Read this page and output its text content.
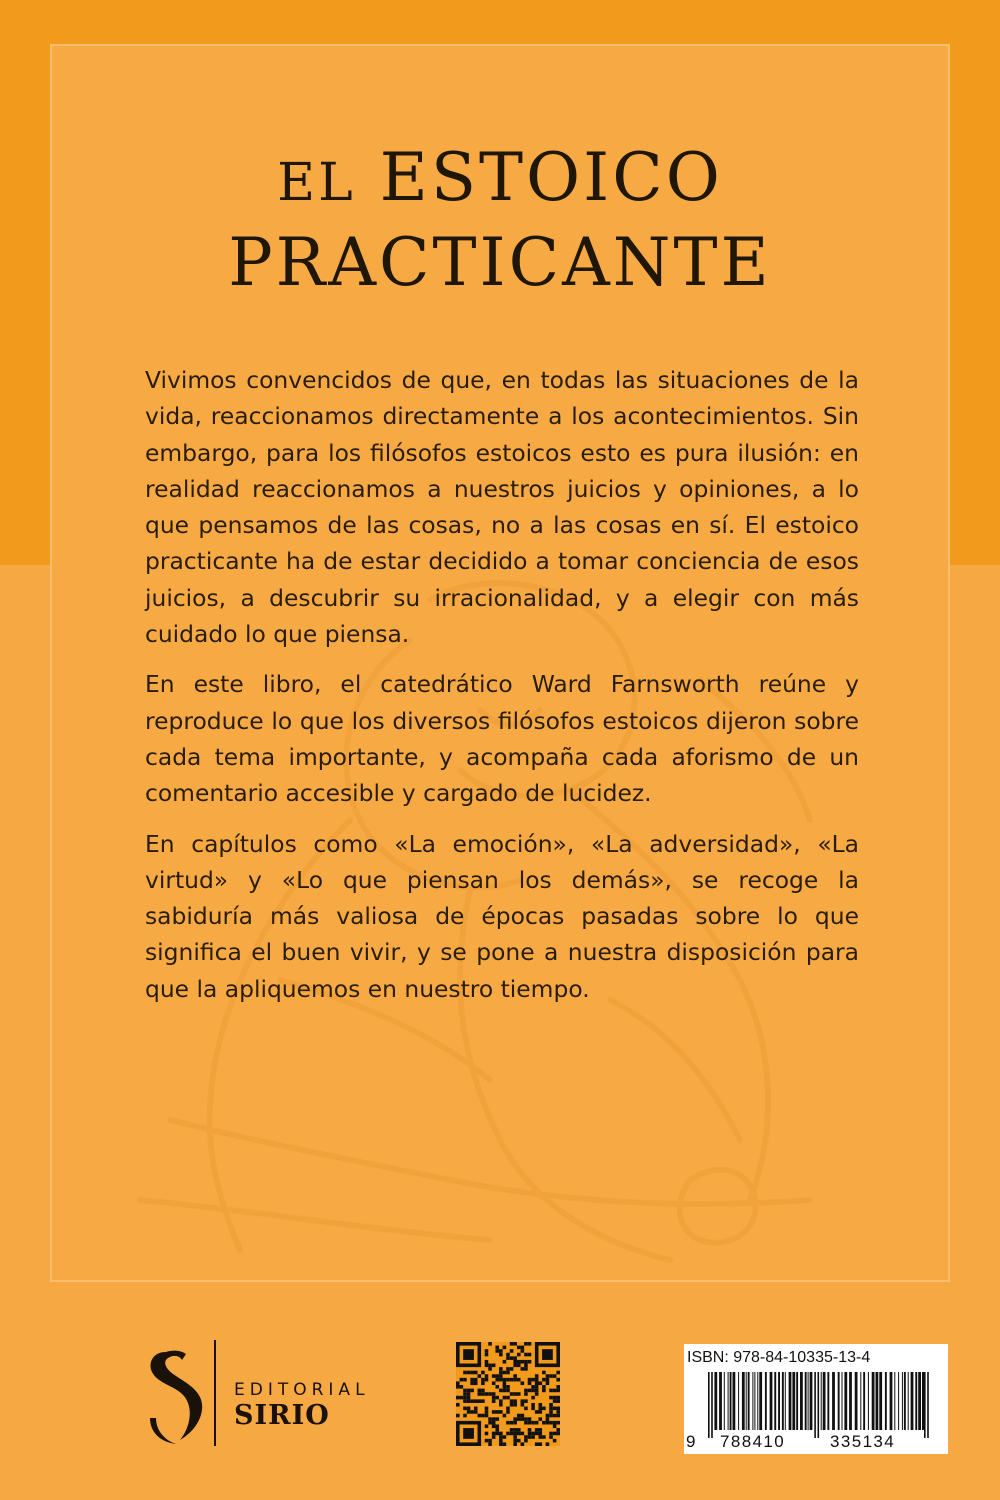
EL ESTOICO
PRACTICANTE

Vivimos convencidos de que, en todas las situaciones de la vida, reaccionamos directamente a los acontecimientos. Sin embargo, para los filósofos estoicos esto es pura ilusión: en realidad reaccionamos a nuestros juicios y opiniones, a lo que pensamos de las cosas, no a las cosas en sí. El estoico practicante ha de estar decidido a tomar conciencia de esos juicios, a descubrir su irracionalidad, y a elegir con más cuidado lo que piensa.

En este libro, el catedrático Ward Farnsworth reúne y reproduce lo que los diversos filósofos estoicos dijeron sobre cada tema importante, y acompaña cada aforismo de un comentario accesible y cargado de lucidez.

En capítulos como «La emoción», «La adversidad», «La virtud» y «Lo que piensan los demás», se recoge la sabiduría más valiosa de épocas pasadas sobre lo que significa el buen vivir, y se pone a nuestra disposición para que la apliquemos en nuestro tiempo.

EDITORIAL
SIRIO
ISBN: 978-84-10335-13-4
9 788410	335134
